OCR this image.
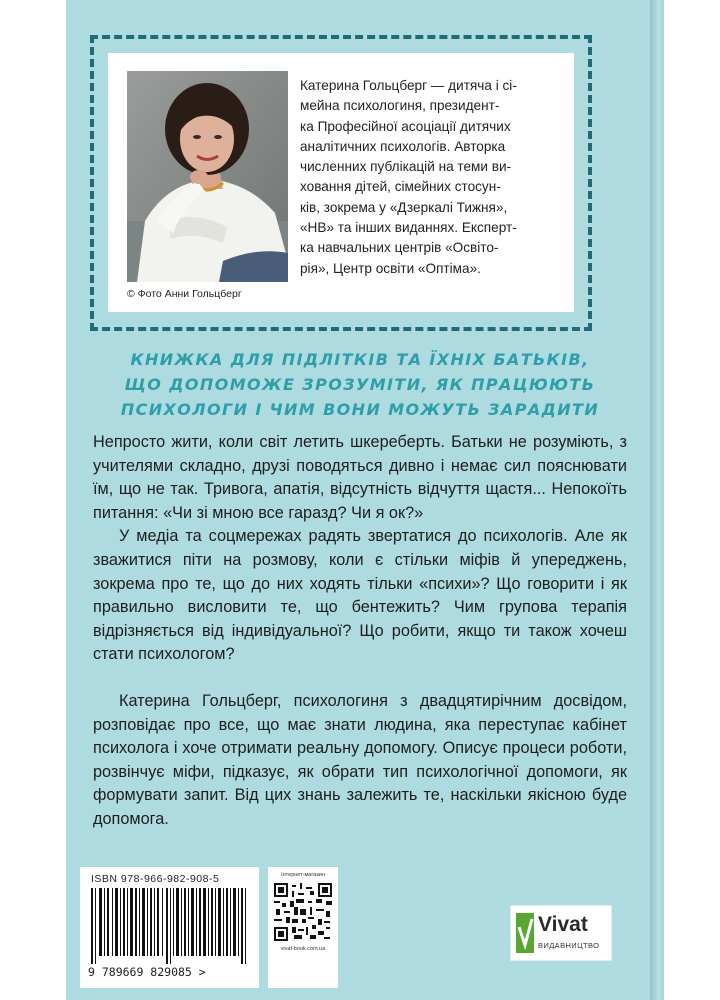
© Фото Анни Гольцберг
Катерина Гольцберг — дитяча і сі-
мейна психологиня, президент-
ка Професійної асоціації дитячих
аналітичних психологів. Авторка
численних публікацій на теми ви-
ховання дітей, сімейних стосун-
ків, зокрема у «Дзеркалі Тижня»,
«НВ» та інших виданнях. Експерт-
ка навчальних центрів «Освіто-
рія», Центр освіти «Оптіма».
КНИЖКА ДЛЯ ПІДЛІТКІВ ТА ЇХНІХ БАТЬКІВ,
ЩО ДОПОМОЖЕ ЗРОЗУМІТИ, ЯК ПРАЦЮЮТЬ
ПСИХОЛОГИ І ЧИМ ВОНИ МОЖУТЬ ЗАРАДИТИ

Непросто жити, коли світ летить шкереберть. Батьки не розуміють, з учителями складно, друзі поводяться дивно і немає сил пояснювати їм, що не так. Тривога, апатія, відсутність відчуття щастя... Непокоїть питання: «Чи зі мною все гаразд? Чи я ок?»

У медіа та соцмережах радять звертатися до психологів. Але як зважитися піти на розмову, коли є стільки міфів й упереджень, зокрема про те, що до них ходять тільки «психи»? Що говорити і як правильно висловити те, що бентежить? Чим групова терапія відрізняється від індивідуальної? Що робити, якщо ти також хочеш стати психологом?

Катерина Гольцберг, психологиня з двадцятирічним досвідом, розповідає про все, що має знати людина, яка переступає кабінет психолога і хоче отримати реальну допомогу. Описує процеси роботи, розвінчує міфи, підказує, як обрати тип психологічної допомоги, як формувати запит. Від цих знань залежить те, наскільки якісною буде допомога.

ISBN 978-966-982-908-5
9 789669 829085 >
Інтернет-магазин
vivat-book.com.ua
Vivat
ВИДАВНИЦТВО
